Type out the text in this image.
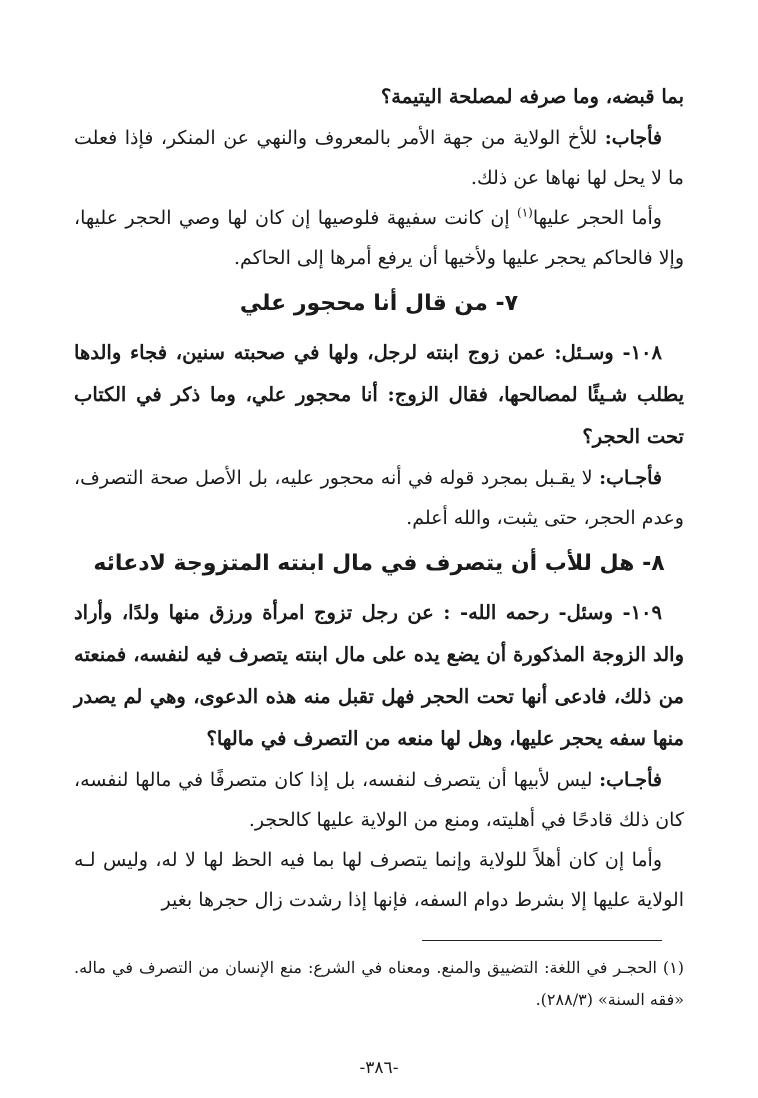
بما قبضه، وما صرفه لمصلحة اليتيمة؟

فأجاب: للأخ الولاية من جهة الأمر بالمعروف والنهي عن المنكر، فإذا فعلت ما لا يحل لها نهاها عن ذلك.

وأما الحجر عليها$^{(١)}$ إن كانت سفيهة فلوصيها إن كان لها وصي الحجر عليها، وإلا فالحاكم يحجر عليها ولأخيها أن يرفع أمرها إلى الحاكم.

٧- من قال أنا محجور علي

١٠٨- وسـئل: عمن زوج ابنته لرجل، ولها في صحبته سنين، فجاء والدها يطلب شـيئًا لمصالحها، فقال الزوج: أنا محجور علي، وما ذكر في الكتاب تحت الحجر؟

فأجـاب: لا يقـبل بمجرد قوله في أنه محجور عليه، بل الأصل صحة التصرف، وعدم الحجر، حتى يثبت، والله أعلم.

٨- هل للأب أن يتصرف في مال ابنته المتزوجة لادعائه

١٠٩- وسئل- رحمه الله- : عن رجل تزوج امرأة ورزق منها ولدًا، وأراد والد الزوجة المذكورة أن يضع يده على مال ابنته يتصرف فيه لنفسه، فمنعته من ذلك، فادعى أنها تحت الحجر فهل تقبل منه هذه الدعوى، وهي لم يصدر منها سفه يحجر عليها، وهل لها منعه من التصرف في مالها؟

فأجـاب: ليس لأبيها أن يتصرف لنفسه، بل إذا كان متصرفًا في مالها لنفسه، كان ذلك قادحًا في أهليته، ومنع من الولاية عليها كالحجر.

وأما إن كان أهلاً للولاية وإنما يتصرف لها بما فيه الحظ لها لا له، وليس لـه الولاية عليها إلا بشرط دوام السفه، فإنها إذا رشدت زال حجرها بغير

(١) الحجـر في اللغة: التضييق والمنع. ومعناه في الشرع: منع الإنسان من التصرف في ماله. «فقه السنة» (٢٨٨/٣).

-٣٨٦-
